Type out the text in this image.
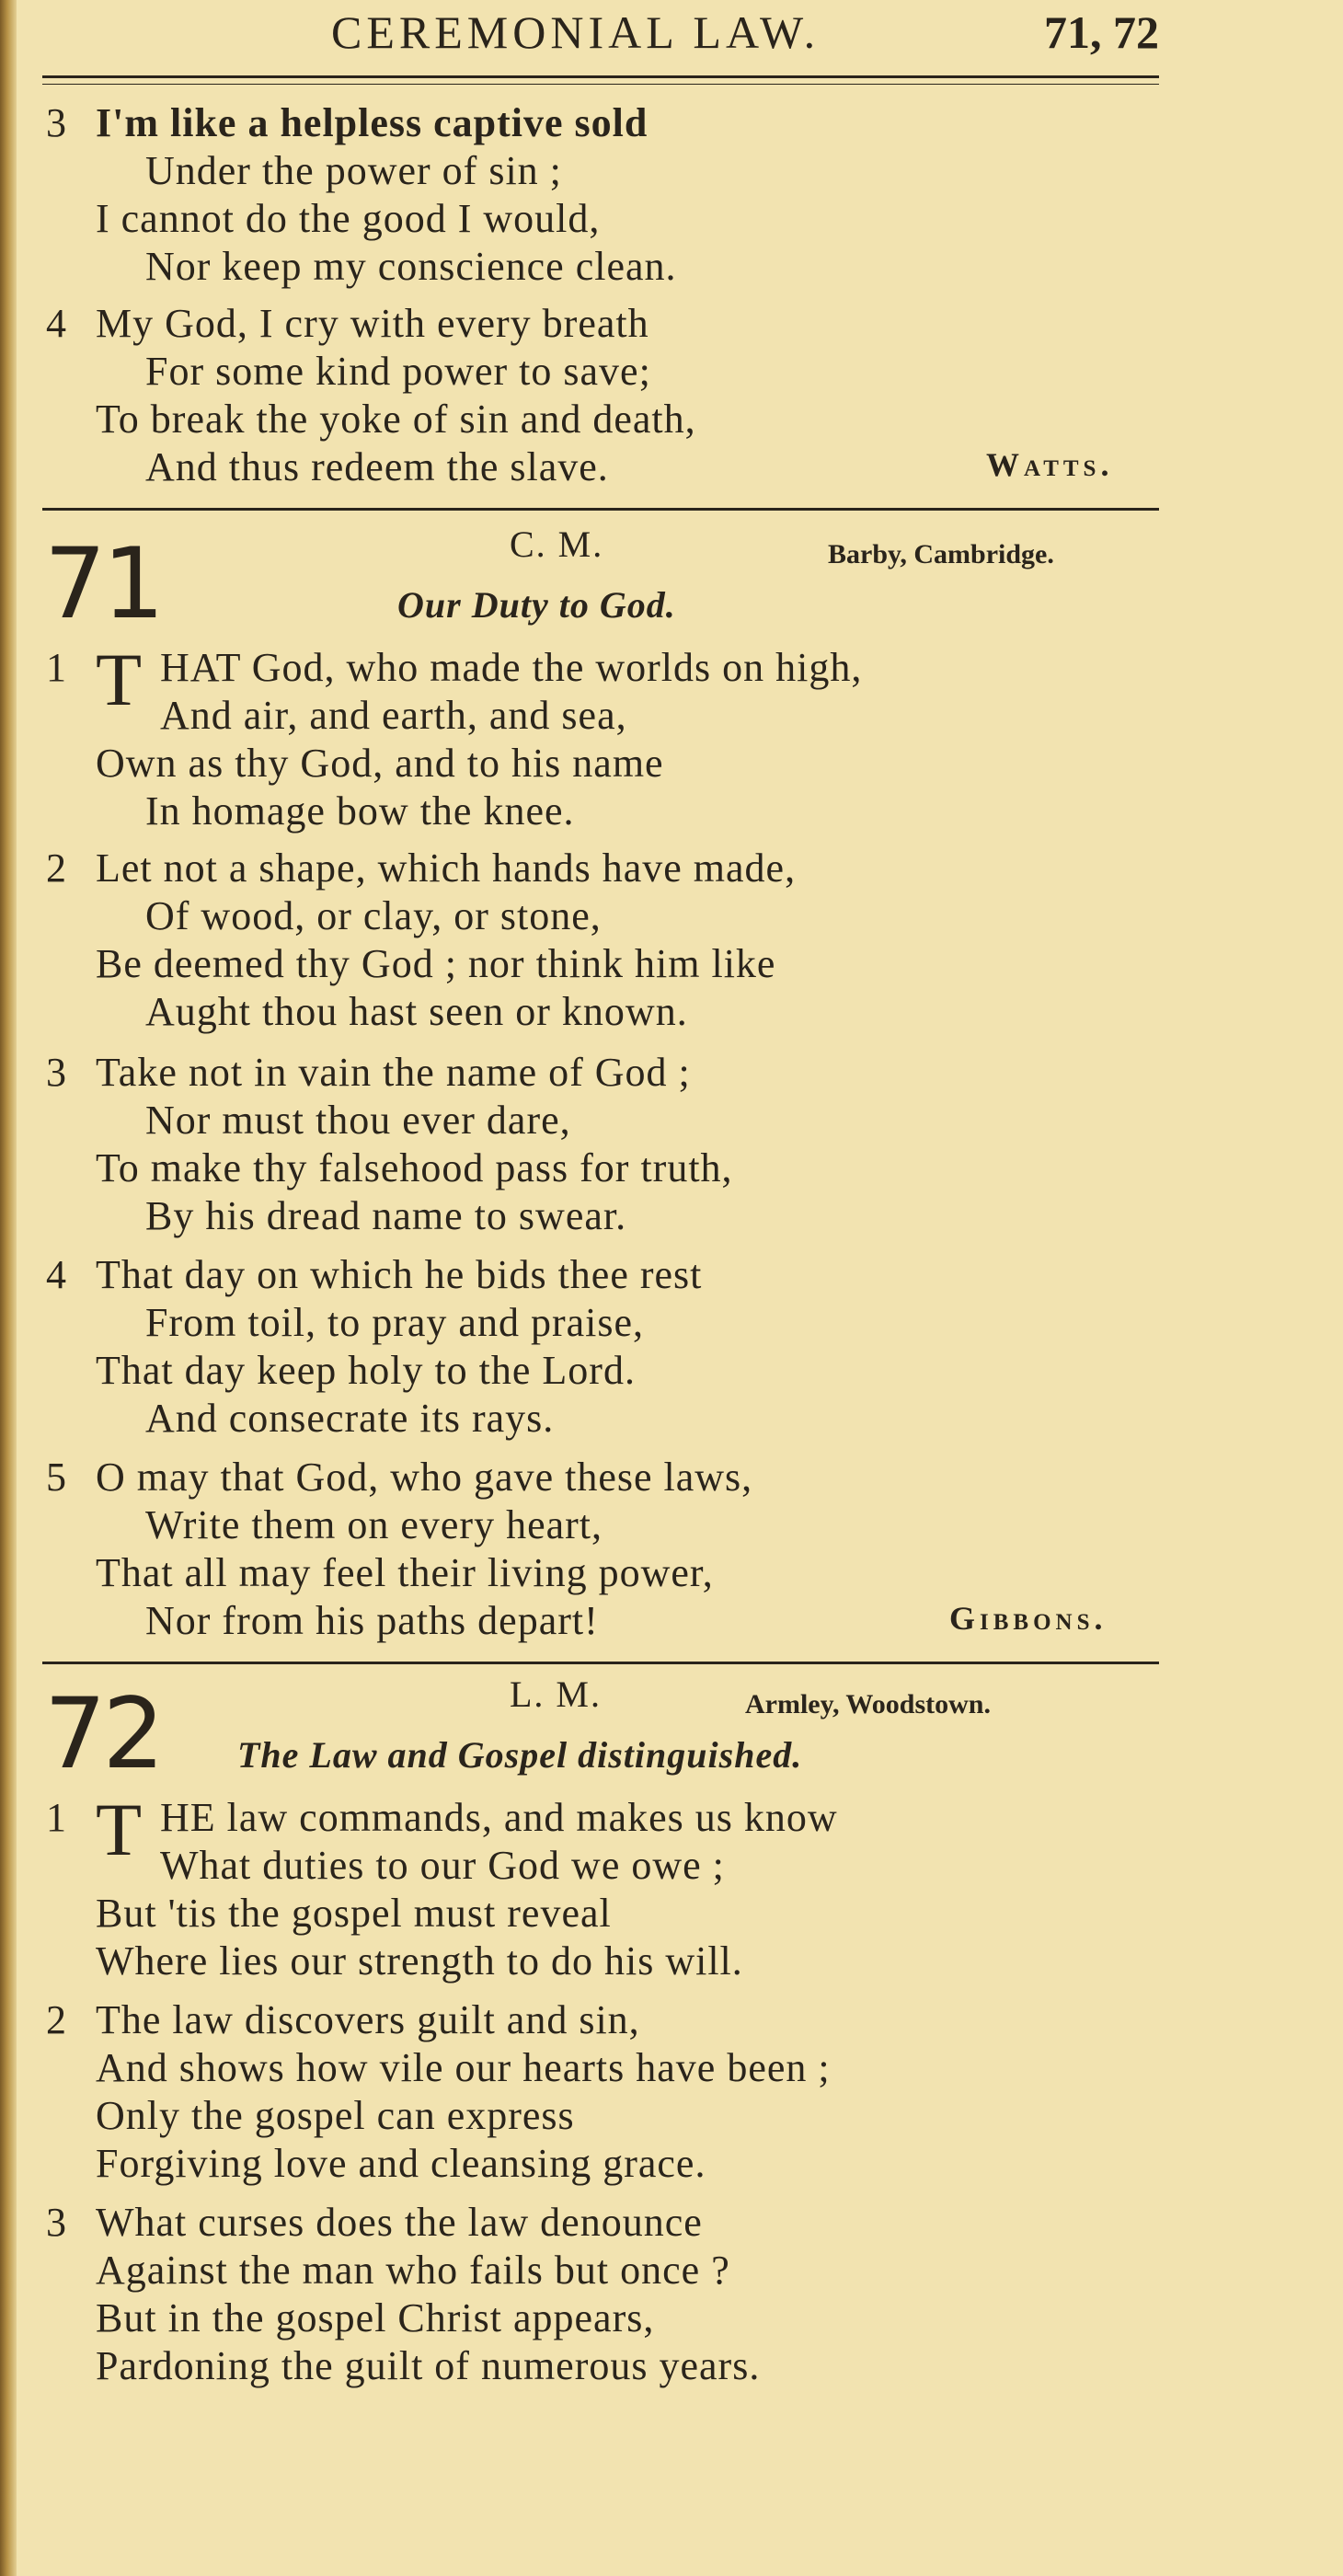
CEREMONIAL LAW.	71, 72
3 I'm like a helpless captive sold
Under the power of sin ;
I cannot do the good I would,
Nor keep my conscience clean.
4 My God, I cry with every breath
For some kind power to save;
To break the yoke of sin and death,
And thus redeem the slave.	Watts.
71	C. M.	Barby, Cambridge.
Our Duty to God.
1 T HAT God, who made the worlds on high,
And air, and earth, and sea,
Own as thy God, and to his name
In homage bow the knee.
2 Let not a shape, which hands have made,
Of wood, or clay, or stone,
Be deemed thy God ; nor think him like
Aught thou hast seen or known.
3 Take not in vain the name of God ;
Nor must thou ever dare,
To make thy falsehood pass for truth,
By his dread name to swear.
4 That day on which he bids thee rest
From toil, to pray and praise,
That day keep holy to the Lord.
And consecrate its rays.
5 O may that God, who gave these laws,
Write them on every heart,
That all may feel their living power,
Nor from his paths depart!	Gibbons.
72	L. M.	Armley, Woodstown.
The Law and Gospel distinguished.
1 T HE law commands, and makes us know
What duties to our God we owe ;
But 'tis the gospel must reveal
Where lies our strength to do his will.
2 The law discovers guilt and sin,
And shows how vile our hearts have been ;
Only the gospel can express
Forgiving love and cleansing grace.
3 What curses does the law denounce
Against the man who fails but once ?
But in the gospel Christ appears,
Pardoning the guilt of numerous years.
